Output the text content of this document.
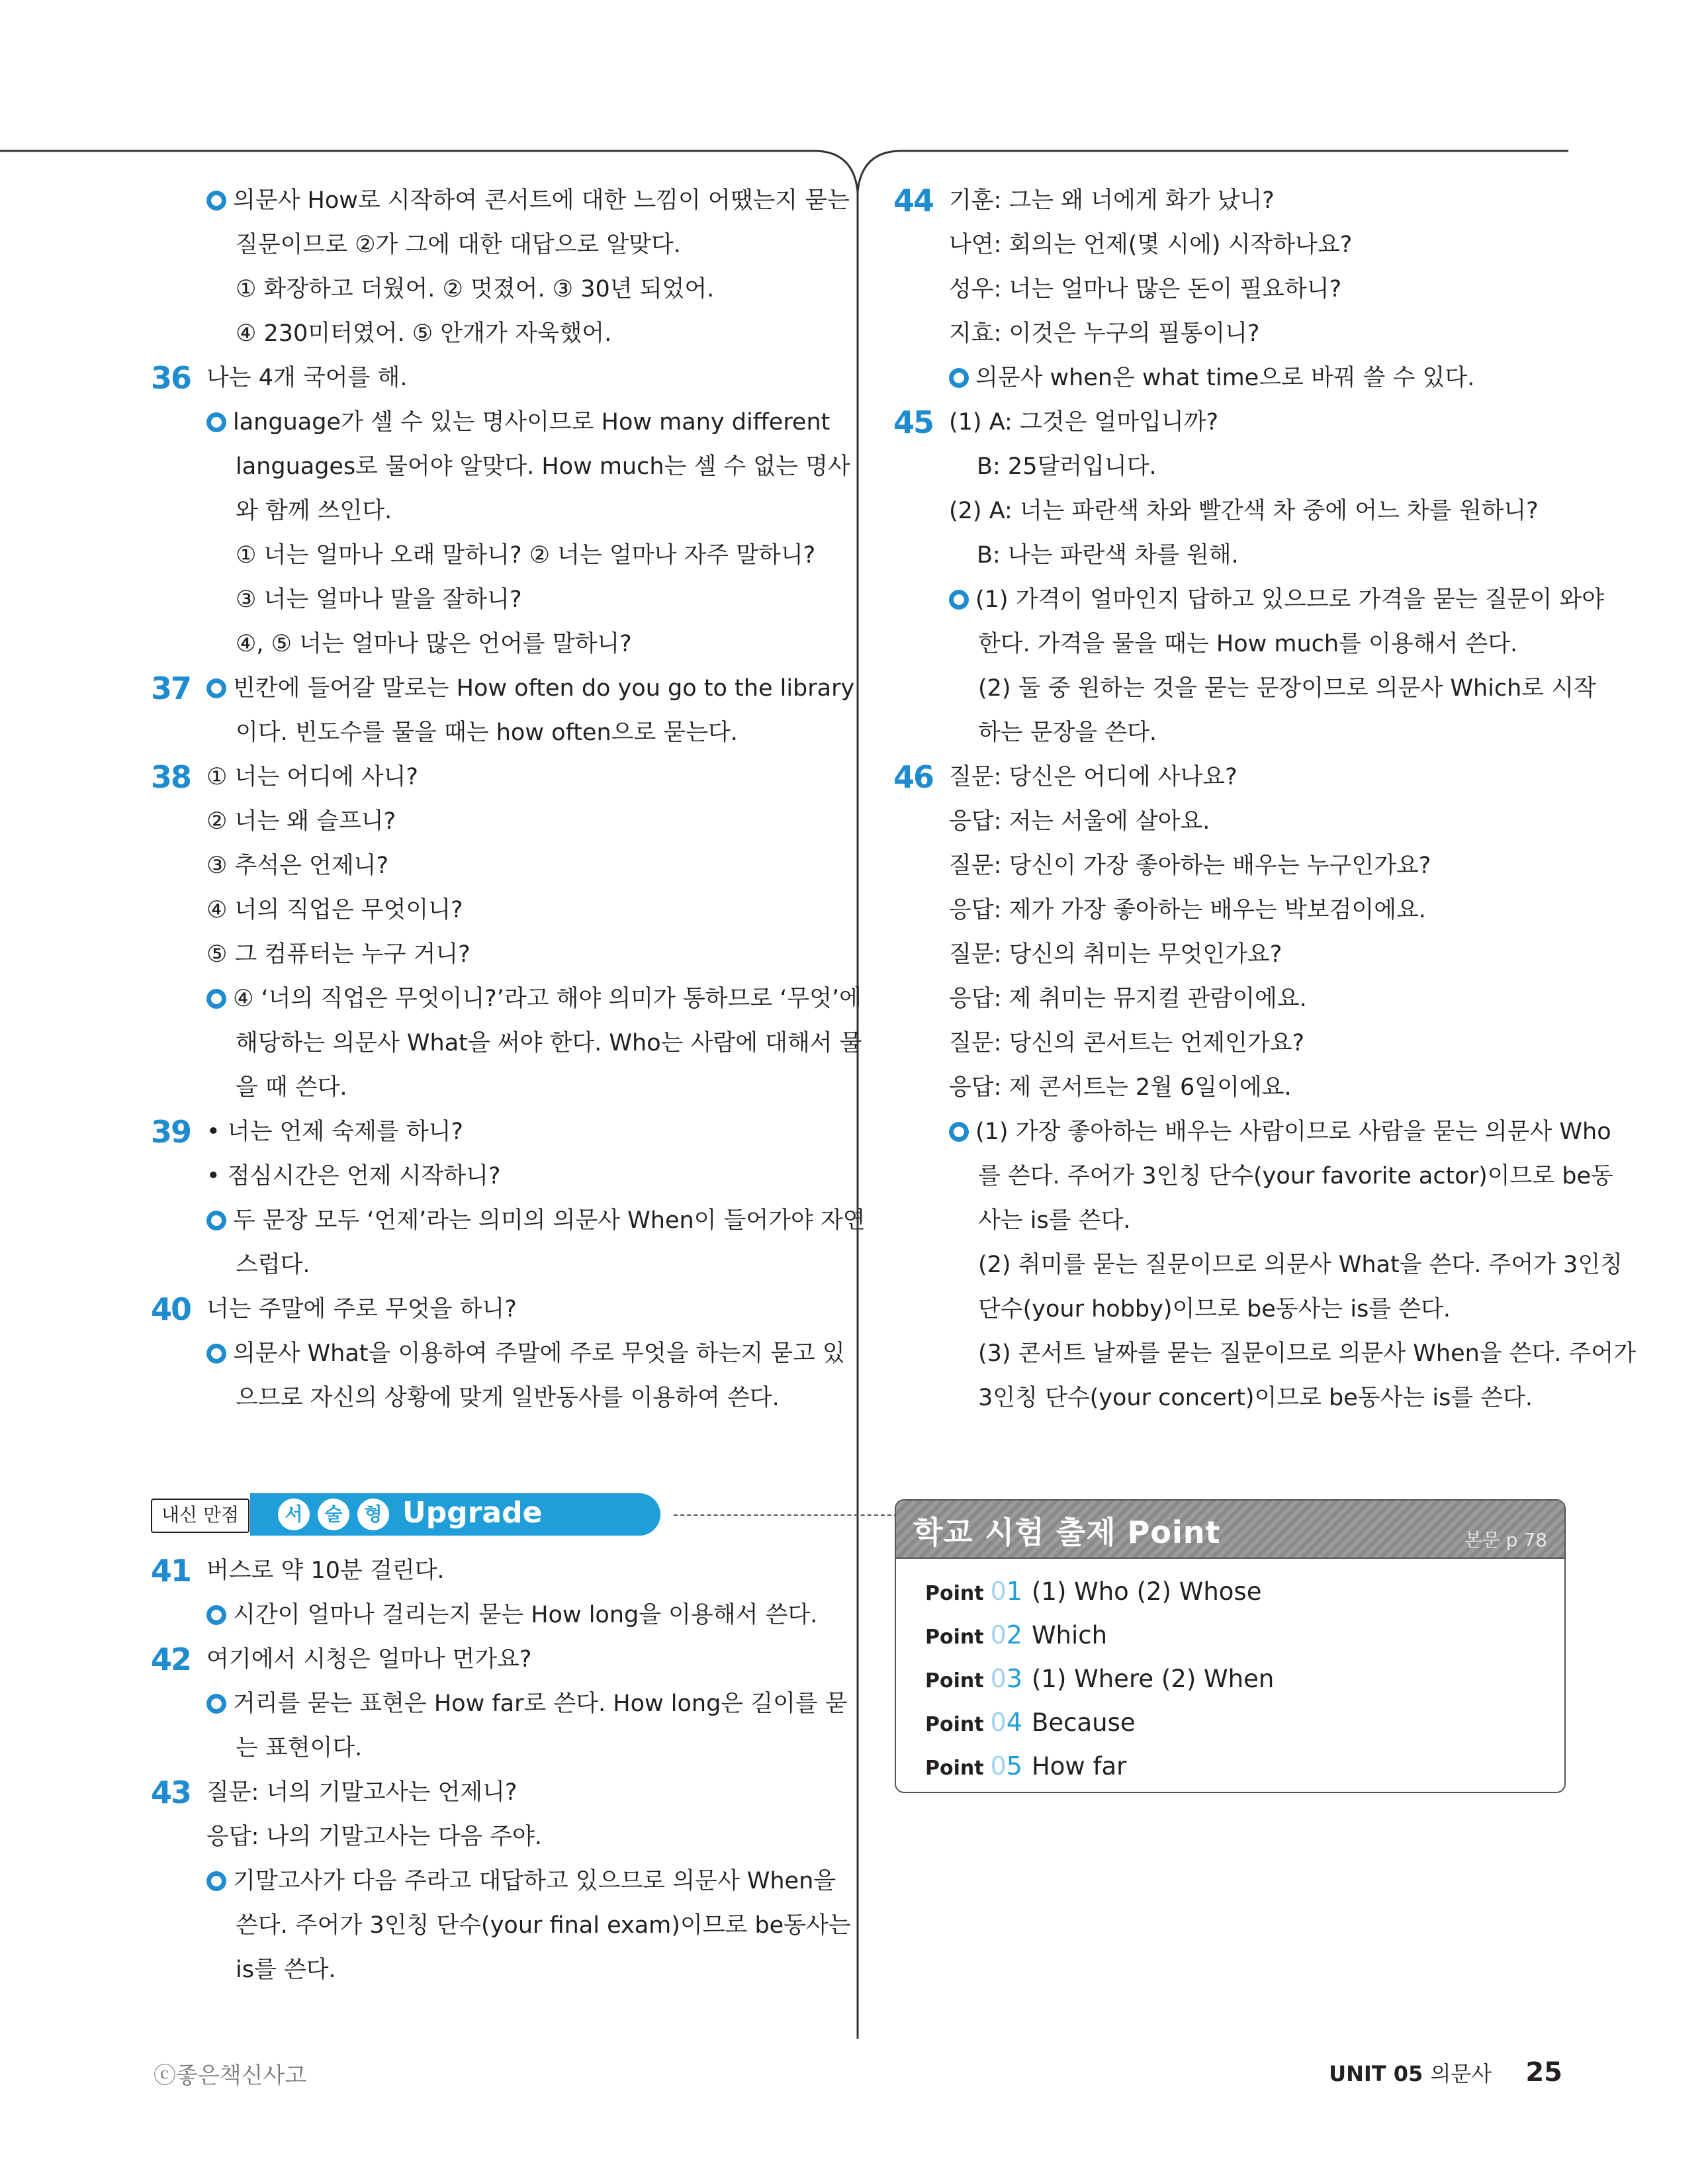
의문사 How로 시작하여 콘서트에 대한 느낌이 어땠는지 묻는
질문이므로 ②가 그에 대한 대답으로 알맞다.
① 화장하고 더웠어. ② 멋졌어. ③ 30년 되었어.
④ 230미터였어. ⑤ 안개가 자욱했어.
36 나는 4개 국어를 해.
language가 셀 수 있는 명사이므로 How many different
languages로 물어야 알맞다. How much는 셀 수 없는 명사
와 함께 쓰인다.
① 너는 얼마나 오래 말하니? ② 너는 얼마나 자주 말하니?
③ 너는 얼마나 말을 잘하니?
④, ⑤ 너는 얼마나 많은 언어를 말하니?
37	빈칸에 들어갈 말로는 How often do you go to the library
이다. 빈도수를 물을 때는 how often으로 묻는다.
38 ① 너는 어디에 사니?
② 너는 왜 슬프니?
③ 추석은 언제니?
④ 너의 직업은 무엇이니?
⑤ 그 컴퓨터는 누구 거니?
④ ‘너의 직업은 무엇이니?’라고 해야 의미가 통하므로 ‘무엇’에
해당하는 의문사 What을 써야 한다. Who는 사람에 대해서 물
을 때 쓴다.
39 • 너는 언제 숙제를 하니?
• 점심시간은 언제 시작하니?
두 문장 모두 ‘언제’라는 의미의 의문사 When이 들어가야 자연
스럽다.
40 너는 주말에 주로 무엇을 하니?
의문사 What을 이용하여 주말에 주로 무엇을 하는지 묻고 있
으므로 자신의 상황에 맞게 일반동사를 이용하여 쓴다.
서	술	형 Upgrade
내신 만점
41 버스로 약 10분 걸린다.
시간이 얼마나 걸리는지 묻는 How long을 이용해서 쓴다.
42 여기에서 시청은 얼마나 먼가요?
거리를 묻는 표현은 How far로 쓴다. How long은 길이를 묻
는 표현이다.
43 질문: 너의 기말고사는 언제니?
응답: 나의 기말고사는 다음 주야.
기말고사가 다음 주라고 대답하고 있으므로 의문사 When을
쓴다. 주어가 3인칭 단수(your final exam)이므로 be동사는
is를 쓴다.
44 기훈: 그는 왜 너에게 화가 났니?
나연: 회의는 언제(몇 시에) 시작하나요?
성우: 너는 얼마나 많은 돈이 필요하니?
지효: 이것은 누구의 필통이니?
의문사 when은 what time으로 바꿔 쓸 수 있다.
45 (1) A: 그것은 얼마입니까?
B: 25달러입니다.
(2) A: 너는 파란색 차와 빨간색 차 중에 어느 차를 원하니?
B: 나는 파란색 차를 원해.
(1) 가격이 얼마인지 답하고 있으므로 가격을 묻는 질문이 와야
한다. 가격을 물을 때는 How much를 이용해서 쓴다.
(2) 둘 중 원하는 것을 묻는 문장이므로 의문사 Which로 시작
하는 문장을 쓴다.
46 질문: 당신은 어디에 사나요?
응답: 저는 서울에 살아요.
질문: 당신이 가장 좋아하는 배우는 누구인가요?
응답: 제가 가장 좋아하는 배우는 박보검이에요.
질문: 당신의 취미는 무엇인가요?
응답: 제 취미는 뮤지컬 관람이에요.
질문: 당신의 콘서트는 언제인가요?
응답: 제 콘서트는 2월 6일이에요.
(1) 가장 좋아하는 배우는 사람이므로 사람을 묻는 의문사 Who
를 쓴다. 주어가 3인칭 단수(your favorite actor)이므로 be동
사는 is를 쓴다.
(2) 취미를 묻는 질문이므로 의문사 What을 쓴다. 주어가 3인칭
단수(your hobby)이므로 be동사는 is를 쓴다.
(3) 콘서트 날짜를 묻는 질문이므로 의문사 When을 쓴다. 주어가
3인칭 단수(your concert)이므로 be동사는 is를 쓴다.
학교 시험 출제 Point	본문 p 78
Point 01 (1) Who (2) Whose
Point 02 Which
Point 03 (1) Where (2) When
Point 04 Because
Point 05 How far
ⓒ좋은책신사고	UNIT 05 의문사 25
